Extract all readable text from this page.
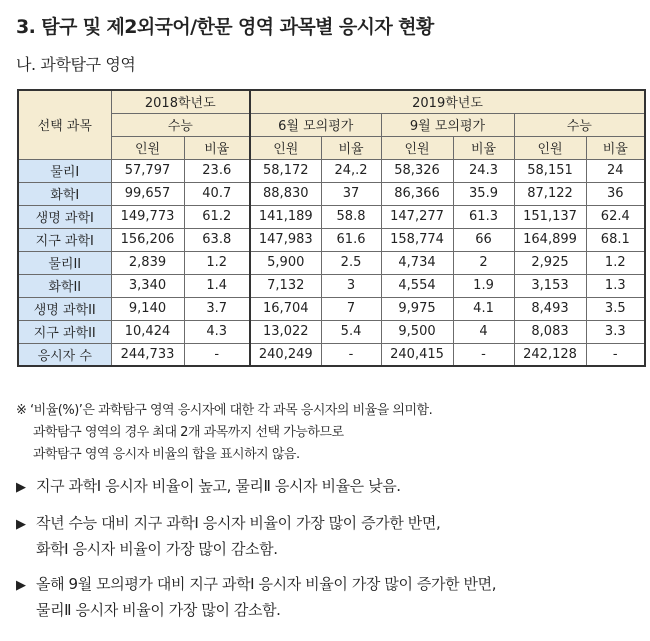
3. 탐구 및 제2외국어/한문 영역 과목별 응시자 현황
나. 과학탐구 영역
선택 과목	2018학년도		2019학년도					
	수능		6월 모의평가		9월 모의평가		수능	
	인원	비율	인원	비율	인원	비율	인원	비율
물리I	57,797	23.6	58,172	24,.2	58,326	24.3	58,151	24
화학I	99,657	40.7	88,830	37	86,366	35.9	87,122	36
생명 과학I	149,773	61.2	141,189	58.8	147,277	61.3	151,137	62.4
지구 과학I	156,206	63.8	147,983	61.6	158,774	66	164,899	68.1
물리II	2,839	1.2	5,900	2.5	4,734	2	2,925	1.2
화학II	3,340	1.4	7,132	3	4,554	1.9	3,153	1.3
생명 과학II	9,140	3.7	16,704	7	9,975	4.1	8,493	3.5
지구 과학II	10,424	4.3	13,022	5.4	9,500	4	8,083	3.3
응시자 수	244,733	-	240,249	-	240,415	-	242,128	-
※ ‘비율(%)’은 과학탐구 영역 응시자에 대한 각 과목 응시자의 비율을 의미함.
과학탐구 영역의 경우 최대 2개 과목까지 선택 가능하므로
과학탐구 영역 응시자 비율의 합을 표시하지 않음.
▶ 지구 과학Ⅰ 응시자 비율이 높고, 물리Ⅱ 응시자 비율은 낮음.
▶ 작년 수능 대비 지구 과학Ⅰ 응시자 비율이 가장 많이 증가한 반면,
화학Ⅰ 응시자 비율이 가장 많이 감소함.
▶ 올해 9월 모의평가 대비 지구 과학Ⅰ 응시자 비율이 가장 많이 증가한 반면,
물리Ⅱ 응시자 비율이 가장 많이 감소함.
